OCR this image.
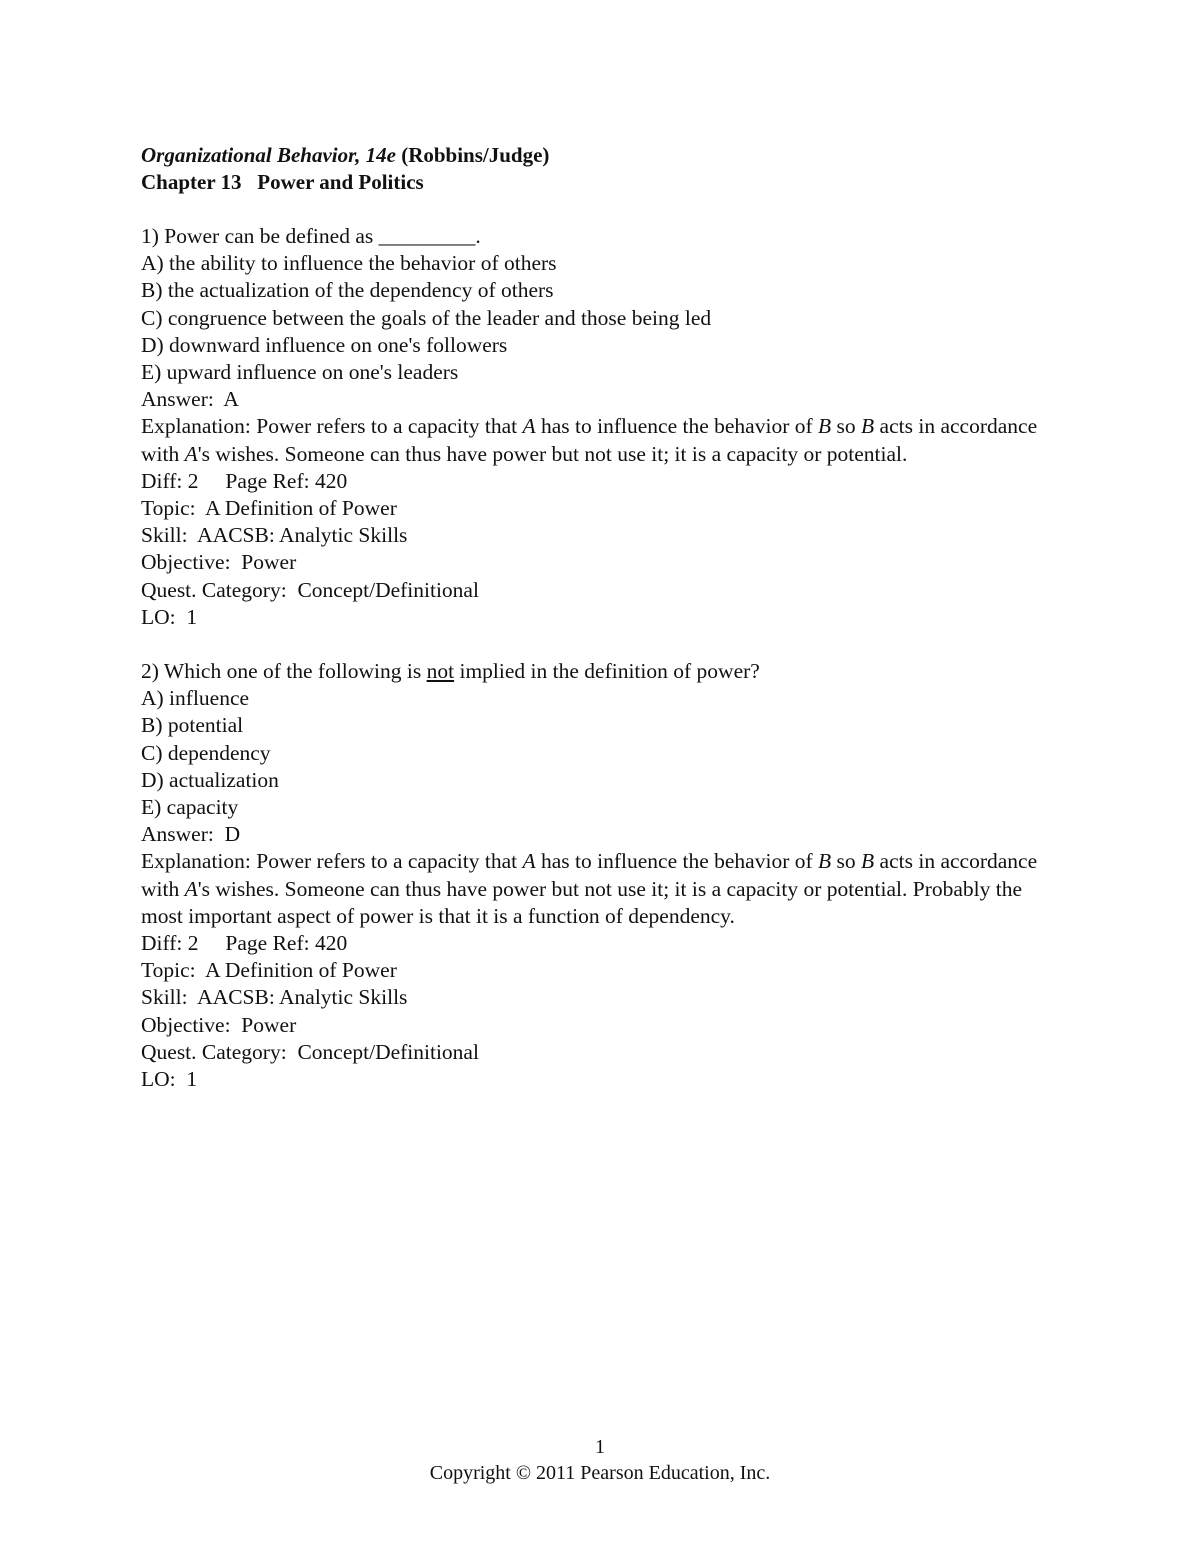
Organizational Behavior, 14e (Robbins/Judge)
Chapter 13   Power and Politics
1) Power can be defined as _________.
A) the ability to influence the behavior of others
B) the actualization of the dependency of others
C) congruence between the goals of the leader and those being led
D) downward influence on one's followers
E) upward influence on one's leaders
Answer:  A
Explanation: Power refers to a capacity that A has to influence the behavior of B so B acts in accordance with A's wishes. Someone can thus have power but not use it; it is a capacity or potential.
Diff: 2     Page Ref: 420
Topic:  A Definition of Power
Skill:  AACSB: Analytic Skills
Objective:  Power
Quest. Category:  Concept/Definitional
LO:  1
2) Which one of the following is not implied in the definition of power?
A) influence
B) potential
C) dependency
D) actualization
E) capacity
Answer:  D
Explanation: Power refers to a capacity that A has to influence the behavior of B so B acts in accordance with A's wishes. Someone can thus have power but not use it; it is a capacity or potential. Probably the most important aspect of power is that it is a function of dependency.
Diff: 2     Page Ref: 420
Topic:  A Definition of Power
Skill:  AACSB: Analytic Skills
Objective:  Power
Quest. Category:  Concept/Definitional
LO:  1
1
Copyright © 2011 Pearson Education, Inc.
